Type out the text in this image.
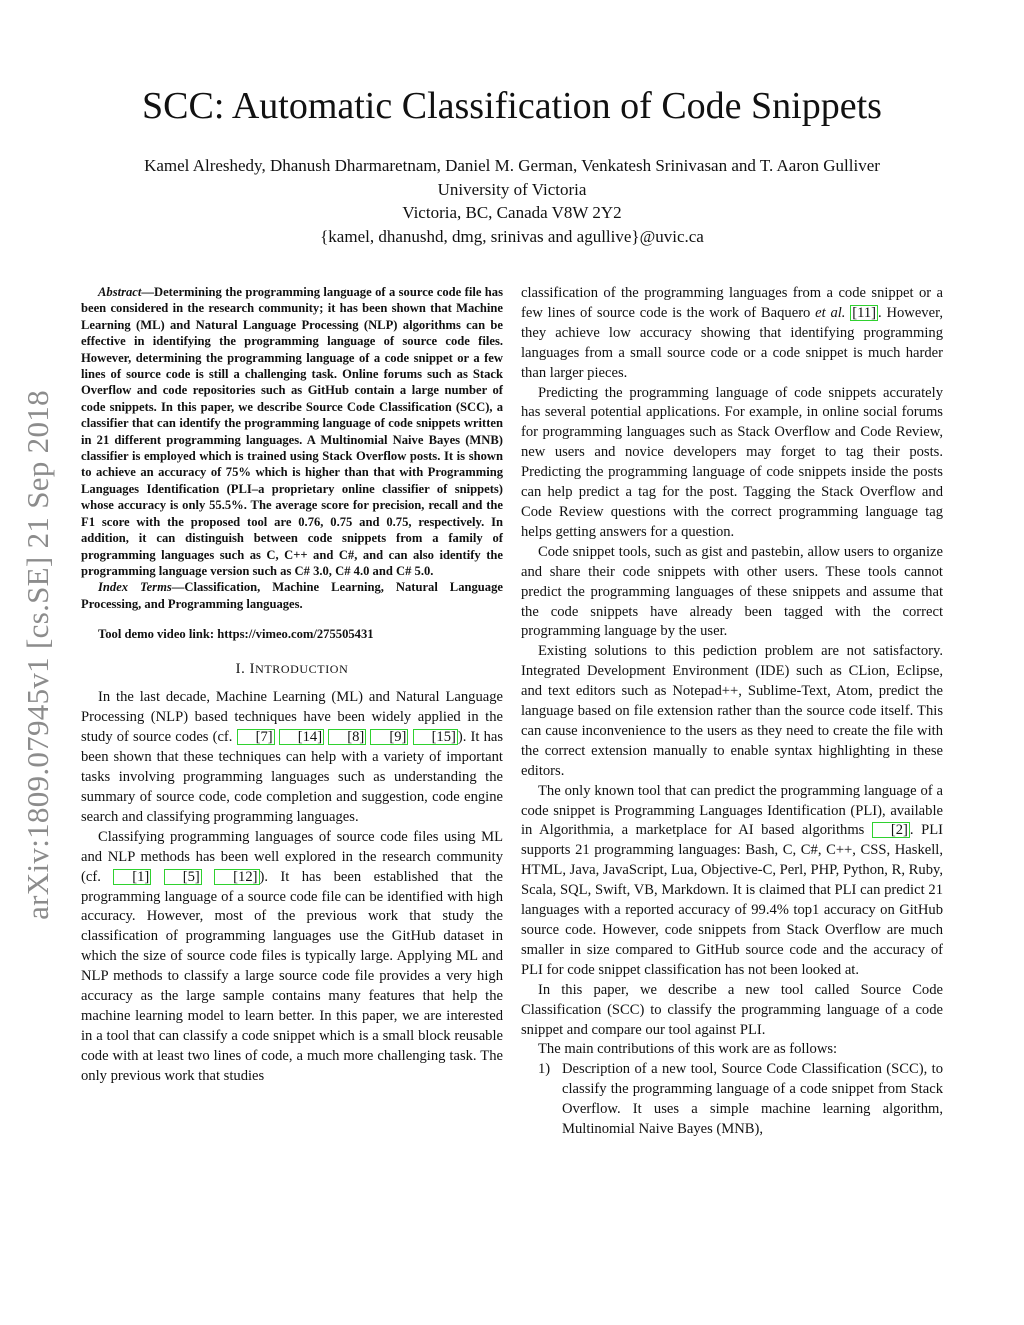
arXiv:1809.07945v1 [cs.SE] 21 Sep 2018
SCC: Automatic Classification of Code Snippets
Kamel Alreshedy, Dhanush Dharmaretnam, Daniel M. German, Venkatesh Srinivasan and T. Aaron Gulliver
University of Victoria
Victoria, BC, Canada V8W 2Y2
{kamel, dhanushd, dmg, srinivas and agullive}@uvic.ca

Abstract—Determining the programming language of a source code file has been considered in the research community; it has been shown that Machine Learning (ML) and Natural Language Processing (NLP) algorithms can be effective in identifying the programming language of source code files. However, determining the programming language of a code snippet or a few lines of source code is still a challenging task. Online forums such as Stack Overflow and code repositories such as GitHub contain a large number of code snippets. In this paper, we describe Source Code Classification (SCC), a classifier that can identify the programming language of code snippets written in 21 different programming languages. A Multinomial Naive Bayes (MNB) classifier is employed which is trained using Stack Overflow posts. It is shown to achieve an accuracy of 75% which is higher than that with Programming Languages Identification (PLI–a proprietary online classifier of snippets) whose accuracy is only 55.5%. The average score for precision, recall and the F1 score with the proposed tool are 0.76, 0.75 and 0.75, respectively. In addition, it can distinguish between code snippets from a family of programming languages such as C, C++ and C#, and can also identify the programming language version such as C# 3.0, C# 4.0 and C# 5.0.

Index Terms—Classification, Machine Learning, Natural Language Processing, and Programming languages.

Tool demo video link: https://vimeo.com/275505431

I. INTRODUCTION

In the last decade, Machine Learning (ML) and Natural Language Processing (NLP) based techniques have been widely applied in the study of source codes (cf. [7] [14] [8] [9] [15] ). It has been shown that these techniques can help with a variety of important tasks involving programming languages such as understanding the summary of source code, code completion and suggestion, code engine search and classifying programming languages.

Classifying programming languages of source code files using ML and NLP methods has been well explored in the research community (cf. [1] [5] [12] ). It has been established that the programming language of a source code file can be identified with high accuracy. However, most of the previous work that study the classification of programming languages use the GitHub dataset in which the size of source code files is typically large. Applying ML and NLP methods to classify a large source code file provides a very high accuracy as the large sample contains many features that help the machine learning model to learn better. In this paper, we are interested in a tool that can classify a code snippet which is a small block reusable code with at least two lines of code, a much more challenging task. The only previous work that studies

classification of the programming languages from a code snippet or a few lines of source code is the work of Baquero et al. [11] . However, they achieve low accuracy showing that identifying programming languages from a small source code or a code snippet is much harder than larger pieces.

Predicting the programming language of code snippets accurately has several potential applications. For example, in online social forums for programming languages such as Stack Overflow and Code Review, new users and novice developers may forget to tag their posts. Predicting the programming language of code snippets inside the posts can help predict a tag for the post. Tagging the Stack Overflow and Code Review questions with the correct programming language tag helps getting answers for a question.

Code snippet tools, such as gist and pastebin, allow users to organize and share their code snippets with other users. These tools cannot predict the programming languages of these snippets and assume that the code snippets have already been tagged with the correct programming language by the user.

Existing solutions to this pediction problem are not satisfactory. Integrated Development Environment (IDE) such as CLion, Eclipse, and text editors such as Notepad++, Sublime-Text, Atom, predict the language based on file extension rather than the source code itself. This can cause inconvenience to the users as they need to create the file with the correct extension manually to enable syntax highlighting in these editors.

The only known tool that can predict the programming language of a code snippet is Programming Languages Identification (PLI), available in Algorithmia, a marketplace for AI based algorithms [2] . PLI supports 21 programming languages: Bash, C, C#, C++, CSS, Haskell, HTML, Java, JavaScript, Lua, Objective-C, Perl, PHP, Python, R, Ruby, Scala, SQL, Swift, VB, Markdown. It is claimed that PLI can predict 21 languages with a reported accuracy of 99.4% top1 accuracy on GitHub source code. However, code snippets from Stack Overflow are much smaller in size compared to GitHub source code and the accuracy of PLI for code snippet classification has not been looked at.

In this paper, we describe a new tool called Source Code Classification (SCC) to classify the programming language of a code snippet and compare our tool against PLI.

The main contributions of this work are as follows:

1) Description of a new tool, Source Code Classification (SCC), to classify the programming language of a code snippet from Stack Overflow. It uses a simple machine learning algorithm, Multinomial Naive Bayes (MNB),
